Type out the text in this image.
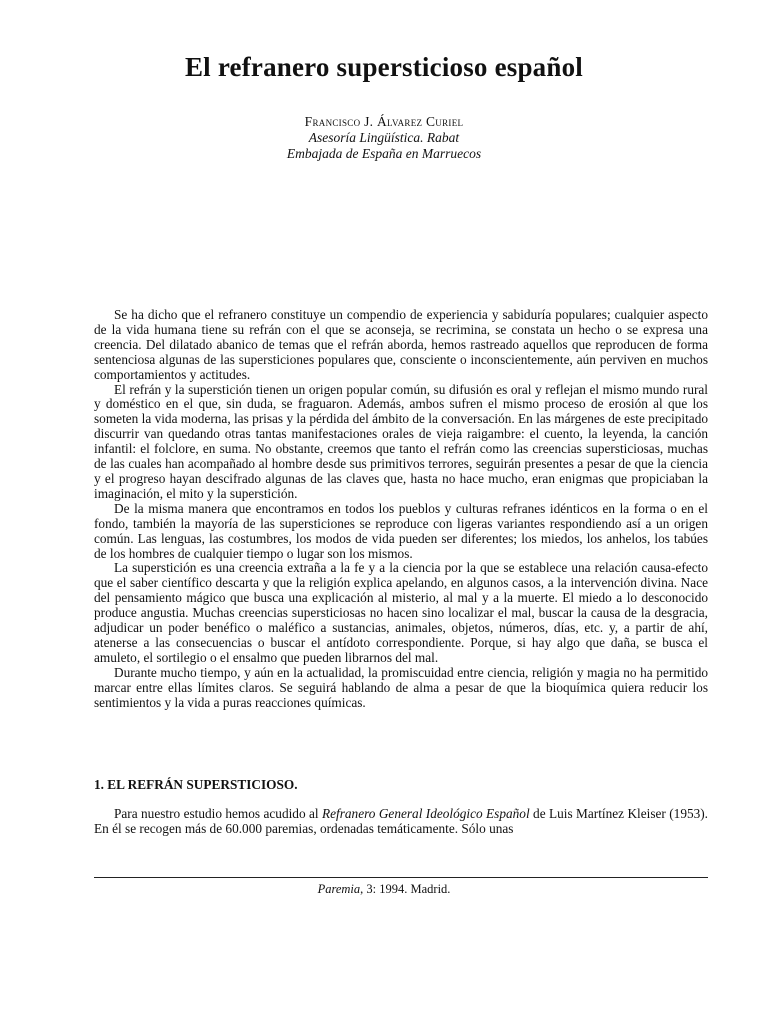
El refranero supersticioso español
Francisco J. Álvarez Curiel
Asesoría Lingüística. Rabat
Embajada de España en Marruecos

Se ha dicho que el refranero constituye un compendio de experiencia y sabiduría populares; cualquier aspecto de la vida humana tiene su refrán con el que se aconseja, se recrimina, se constata un hecho o se expresa una creencia. Del dilatado abanico de temas que el refrán aborda, hemos rastreado aquellos que reproducen de forma sentenciosa algunas de las supersticiones populares que, consciente o inconscientemente, aún perviven en muchos comportamientos y actitudes.

El refrán y la superstición tienen un origen popular común, su difusión es oral y reflejan el mismo mundo rural y doméstico en el que, sin duda, se fraguaron. Además, ambos sufren el mismo proceso de erosión al que los someten la vida moderna, las prisas y la pérdida del ámbito de la conversación. En las márgenes de este precipitado discurrir van quedando otras tantas manifestaciones orales de vieja raigambre: el cuento, la leyenda, la canción infantil: el folclore, en suma. No obstante, creemos que tanto el refrán como las creencias supersticiosas, muchas de las cuales han acompañado al hombre desde sus primitivos terrores, seguirán presentes a pesar de que la ciencia y el progreso hayan descifrado algunas de las claves que, hasta no hace mucho, eran enigmas que propiciaban la imaginación, el mito y la superstición.

De la misma manera que encontramos en todos los pueblos y culturas refranes idénticos en la forma o en el fondo, también la mayoría de las supersticiones se reproduce con ligeras variantes respondiendo así a un origen común. Las lenguas, las costumbres, los modos de vida pueden ser diferentes; los miedos, los anhelos, los tabúes de los hombres de cualquier tiempo o lugar son los mismos.

La superstición es una creencia extraña a la fe y a la ciencia por la que se establece una relación causa-efecto que el saber científico descarta y que la religión explica apelando, en algunos casos, a la intervención divina. Nace del pensamiento mágico que busca una explicación al misterio, al mal y a la muerte. El miedo a lo desconocido produce angustia. Muchas creencias supersticiosas no hacen sino localizar el mal, buscar la causa de la desgracia, adjudicar un poder benéfico o maléfico a sustancias, animales, objetos, números, días, etc. y, a partir de ahí, atenerse a las consecuencias o buscar el antídoto correspondiente. Porque, si hay algo que daña, se busca el amuleto, el sortilegio o el ensalmo que pueden librarnos del mal.

Durante mucho tiempo, y aún en la actualidad, la promiscuidad entre ciencia, religión y magia no ha permitido marcar entre ellas límites claros. Se seguirá hablando de alma a pesar de que la bioquímica quiera reducir los sentimientos y la vida a puras reacciones químicas.

1. EL REFRÁN SUPERSTICIOSO.

Para nuestro estudio hemos acudido al Refranero General Ideológico Español de Luis Martínez Kleiser (1953). En él se recogen más de 60.000 paremias, ordenadas temáticamente. Sólo unas

Paremia, 3: 1994. Madrid.
